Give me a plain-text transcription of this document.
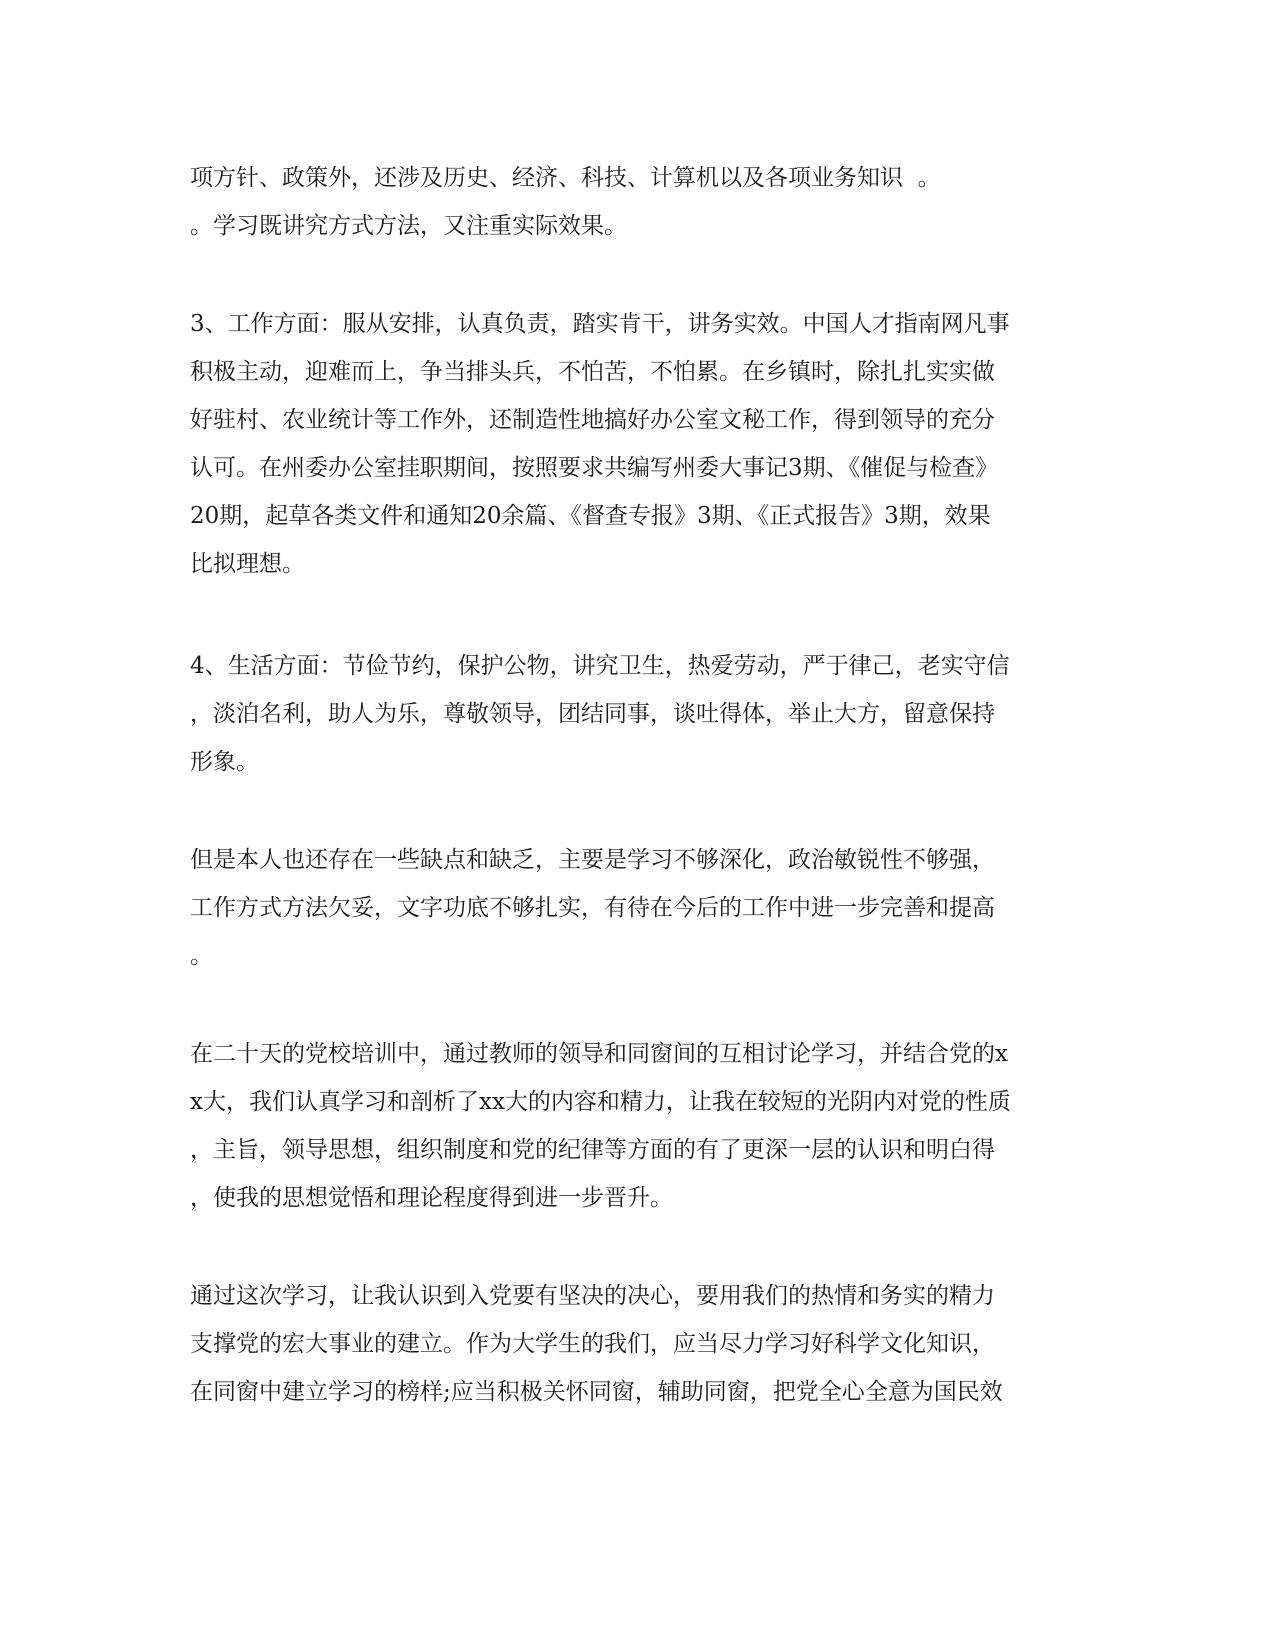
项方针、政策外，还涉及历史、经济、科技、计算机以及各项业务知识  。
。学习既讲究方式方法，又注重实际效果。
3、工作方面：服从安排，认真负责，踏实肯干，讲务实效。中国人才指南网凡事
积极主动，迎难而上，争当排头兵，不怕苦，不怕累。在乡镇时，除扎扎实实做
好驻村、农业统计等工作外，还制造性地搞好办公室文秘工作，得到领导的充分
认可。在州委办公室挂职期间，按照要求共编写州委大事记3期、《催促与检查》
20期，起草各类文件和通知20余篇、《督查专报》3期、《正式报告》3期，效果
比拟理想。
4、生活方面：节俭节约，保护公物，讲究卫生，热爱劳动，严于律己，老实守信
，淡泊名利，助人为乐，尊敬领导，团结同事，谈吐得体，举止大方，留意保持
形象。
但是本人也还存在一些缺点和缺乏，主要是学习不够深化，政治敏锐性不够强，
工作方式方法欠妥，文字功底不够扎实，有待在今后的工作中进一步完善和提高
。
在二十天的党校培训中，通过教师的领导和同窗间的互相讨论学习，并结合党的x
x大，我们认真学习和剖析了xx大的内容和精力，让我在较短的光阴内对党的性质
，主旨，领导思想，组织制度和党的纪律等方面的有了更深一层的认识和明白得
，使我的思想觉悟和理论程度得到进一步晋升。
通过这次学习，让我认识到入党要有坚决的决心，要用我们的热情和务实的精力
支撑党的宏大事业的建立。作为大学生的我们，应当尽力学习好科学文化知识，
在同窗中建立学习的榜样;应当积极关怀同窗，辅助同窗，把党全心全意为国民效
